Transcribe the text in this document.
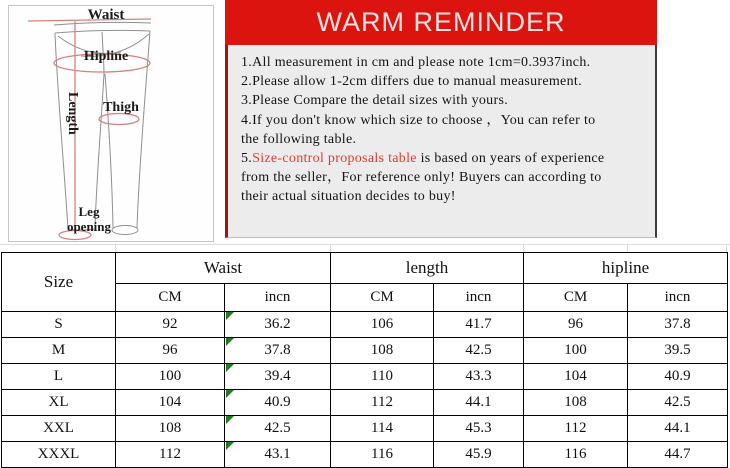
Waist
Hipline
Thigh
Length
Leg
opening
WARM REMINDER
1.All measurement in cm and please note 1cm=0.3937inch.
2.Please allow 1-2cm differs due to manual measurement.
3.Please Compare the detail sizes with yours.
4.If you don't know which size to choose ，You can refer to
the following table.
5.Size-control proposals table is based on years of experience
from the seller，For reference only! Buyers can according to
their actual situation decides to buy!
Size	Waist		length		hipline	
	CM	incn	CM	incn	CM	incn
S	92	36.2	106	41.7	96	37.8
M	96	37.8	108	42.5	100	39.5
L	100	39.4	110	43.3	104	40.9
XL	104	40.9	112	44.1	108	42.5
XXL	108	42.5	114	45.3	112	44.1
XXXL	112	43.1	116	45.9	116	44.7
